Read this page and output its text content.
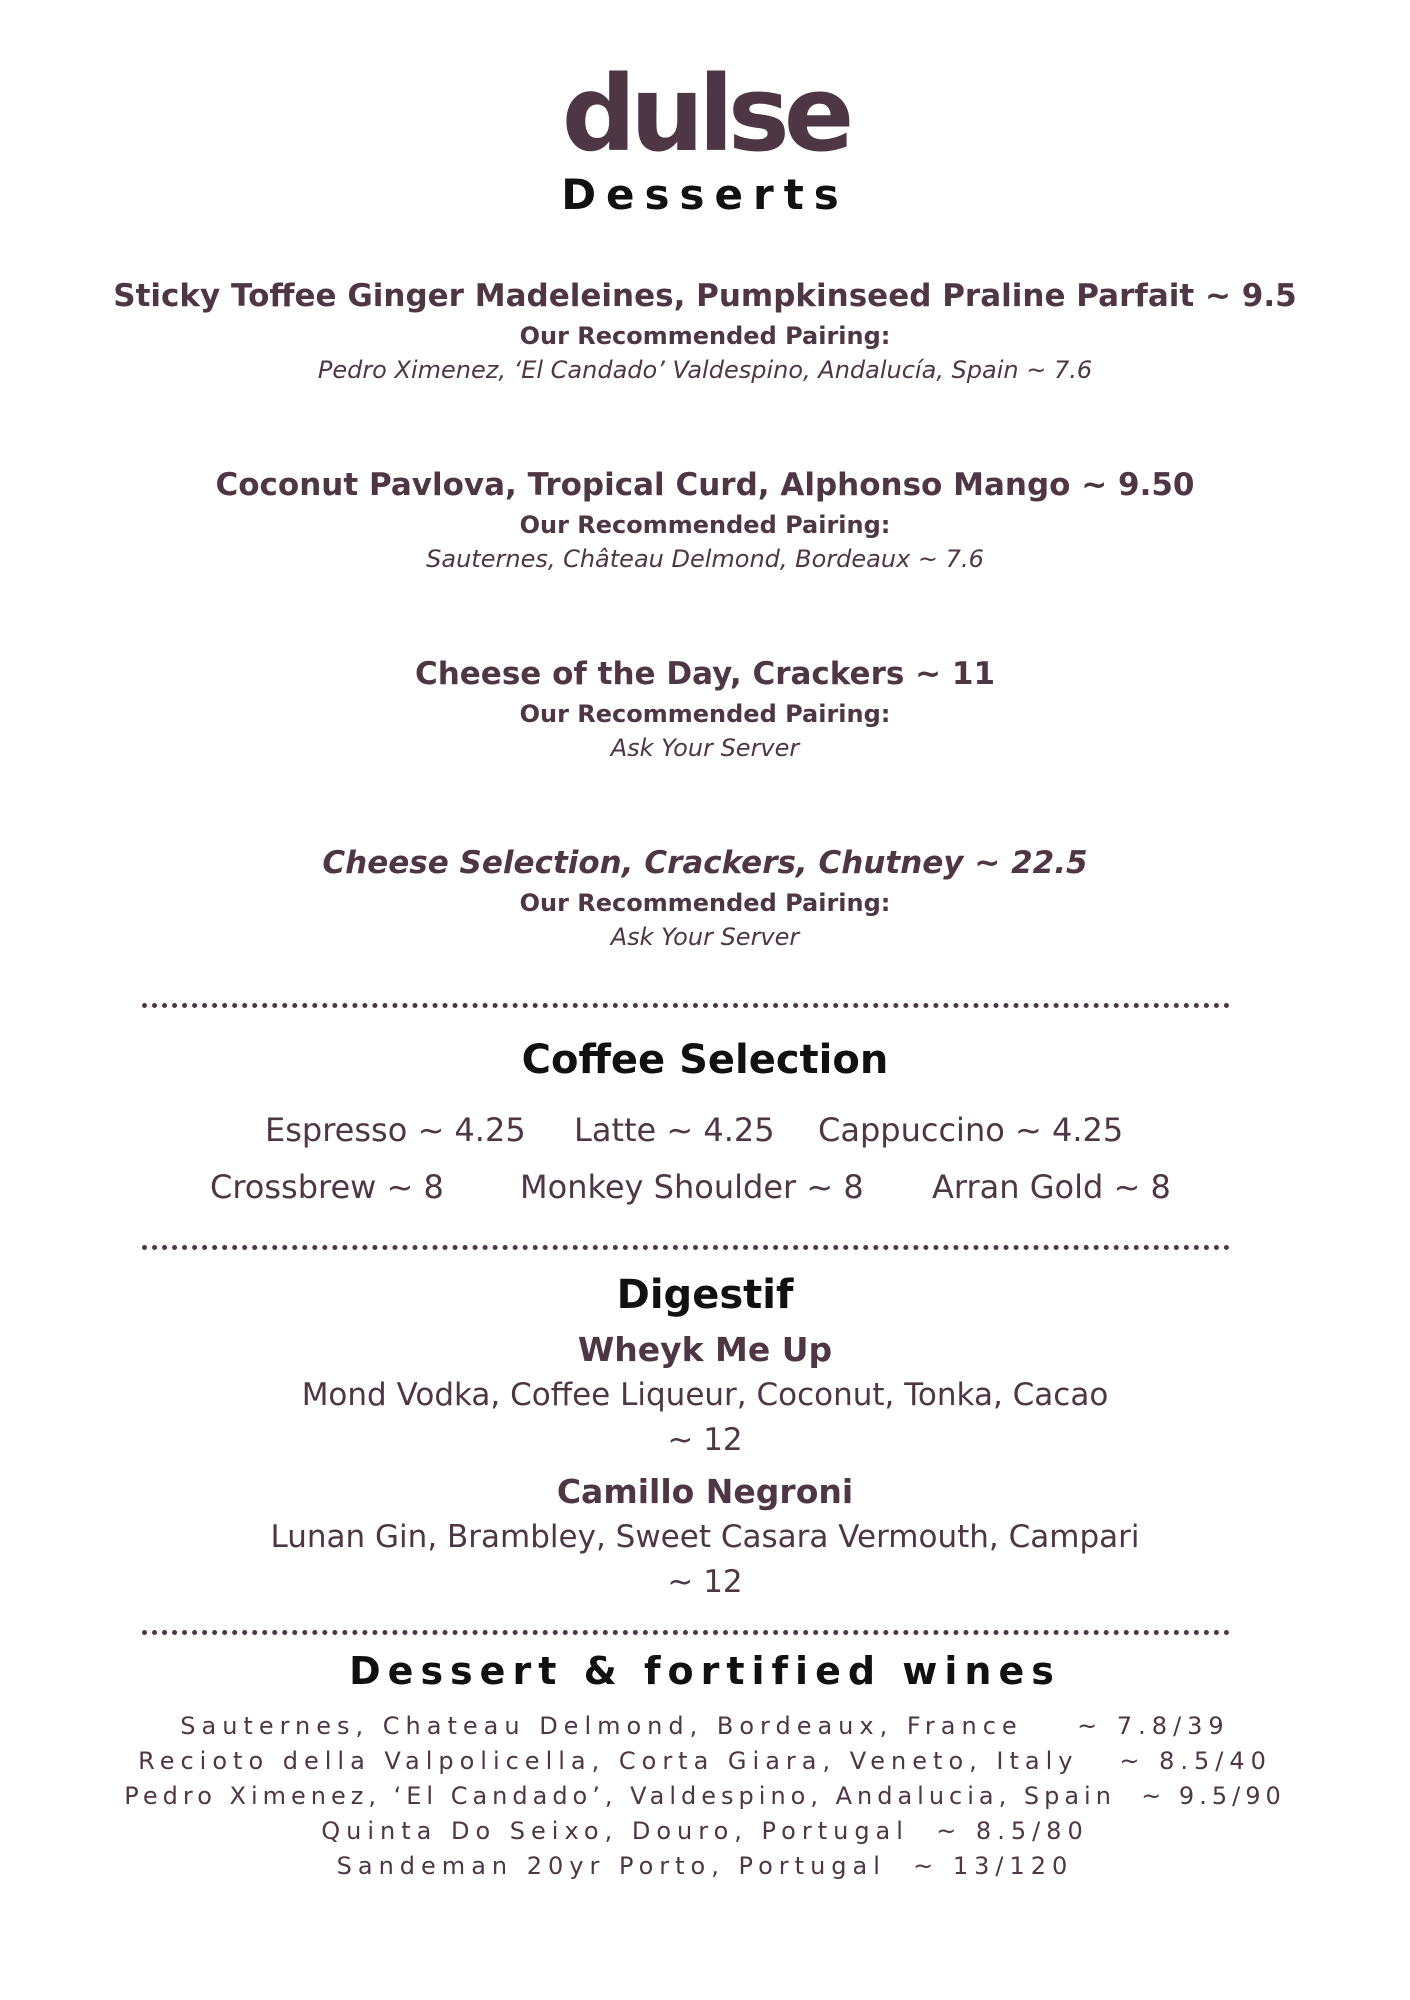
dulse
Desserts
Sticky Toffee Ginger Madeleines, Pumpkinseed Praline Parfait ~ 9.5
Our Recommended Pairing:
Pedro Ximenez, ‘El Candado’ Valdespino, Andalucía, Spain ~ 7.6
Coconut Pavlova, Tropical Curd, Alphonso Mango ~ 9.50
Our Recommended Pairing:
Sauternes, Château Delmond, Bordeaux ~ 7.6
Cheese of the Day, Crackers ~ 11
Our Recommended Pairing:
Ask Your Server
Cheese Selection, Crackers, Chutney ~ 22.5
Our Recommended Pairing:
Ask Your Server
Coffee Selection
Espresso ~ 4.25 Latte ~ 4.25 Cappuccino ~ 4.25
Crossbrew ~ 8 Monkey Shoulder ~ 8 Arran Gold ~ 8
Digestif
Wheyk Me Up
Mond Vodka, Coffee Liqueur, Coconut, Tonka, Cacao
~ 12
Camillo Negroni
Lunan Gin, Brambley, Sweet Casara Vermouth, Campari
~ 12
Dessert & fortified wines
Sauternes, Chateau Delmond, Bordeaux, France    ~ 7.8/39
Recioto della Valpolicella, Corta Giara, Veneto, Italy   ~ 8.5/40
Pedro Ximenez, ‘El Candado’, Valdespino, Andalucia, Spain  ~ 9.5/90
Quinta Do Seixo, Douro, Portugal  ~ 8.5/80
Sandeman 20yr Porto, Portugal  ~ 13/120
